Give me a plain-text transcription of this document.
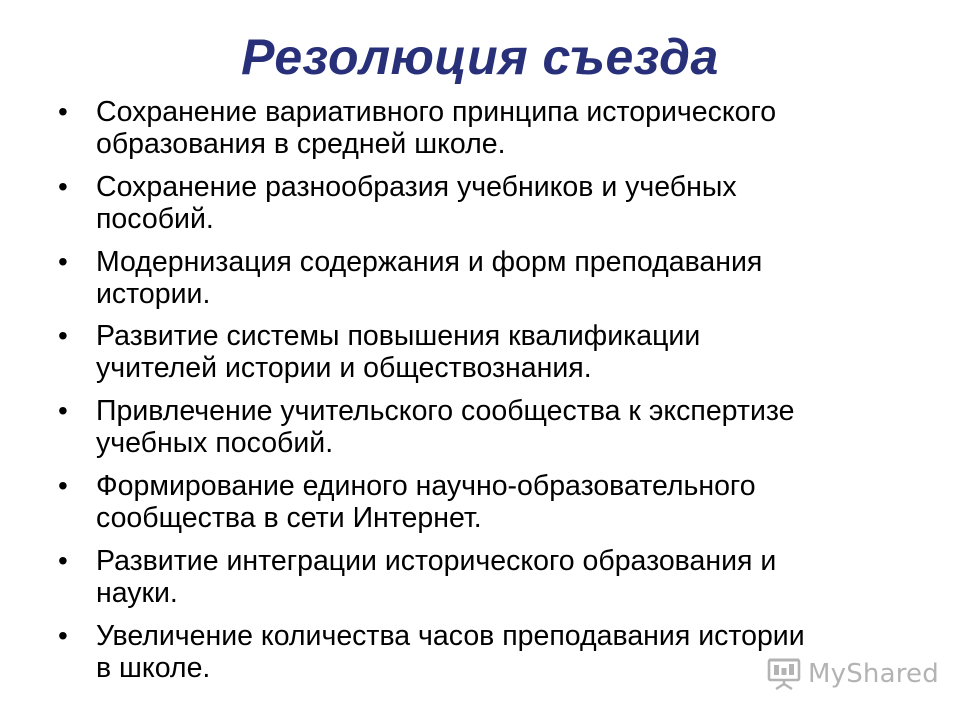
Резолюция съезда
• Сохранение вариативного принципа исторического
образования в средней школе.
• Сохранение разнообразия учебников и учебных
пособий.
• Модернизация содержания и форм преподавания
истории.
• Развитие системы повышения квалификации
учителей истории и обществознания.
• Привлечение учительского сообщества к экспертизе
учебных пособий.
• Формирование единого научно-образовательного
сообщества в сети Интернет.
• Развитие интеграции исторического образования и
науки.
• Увеличение количества часов преподавания истории
в школе.	MyShared
